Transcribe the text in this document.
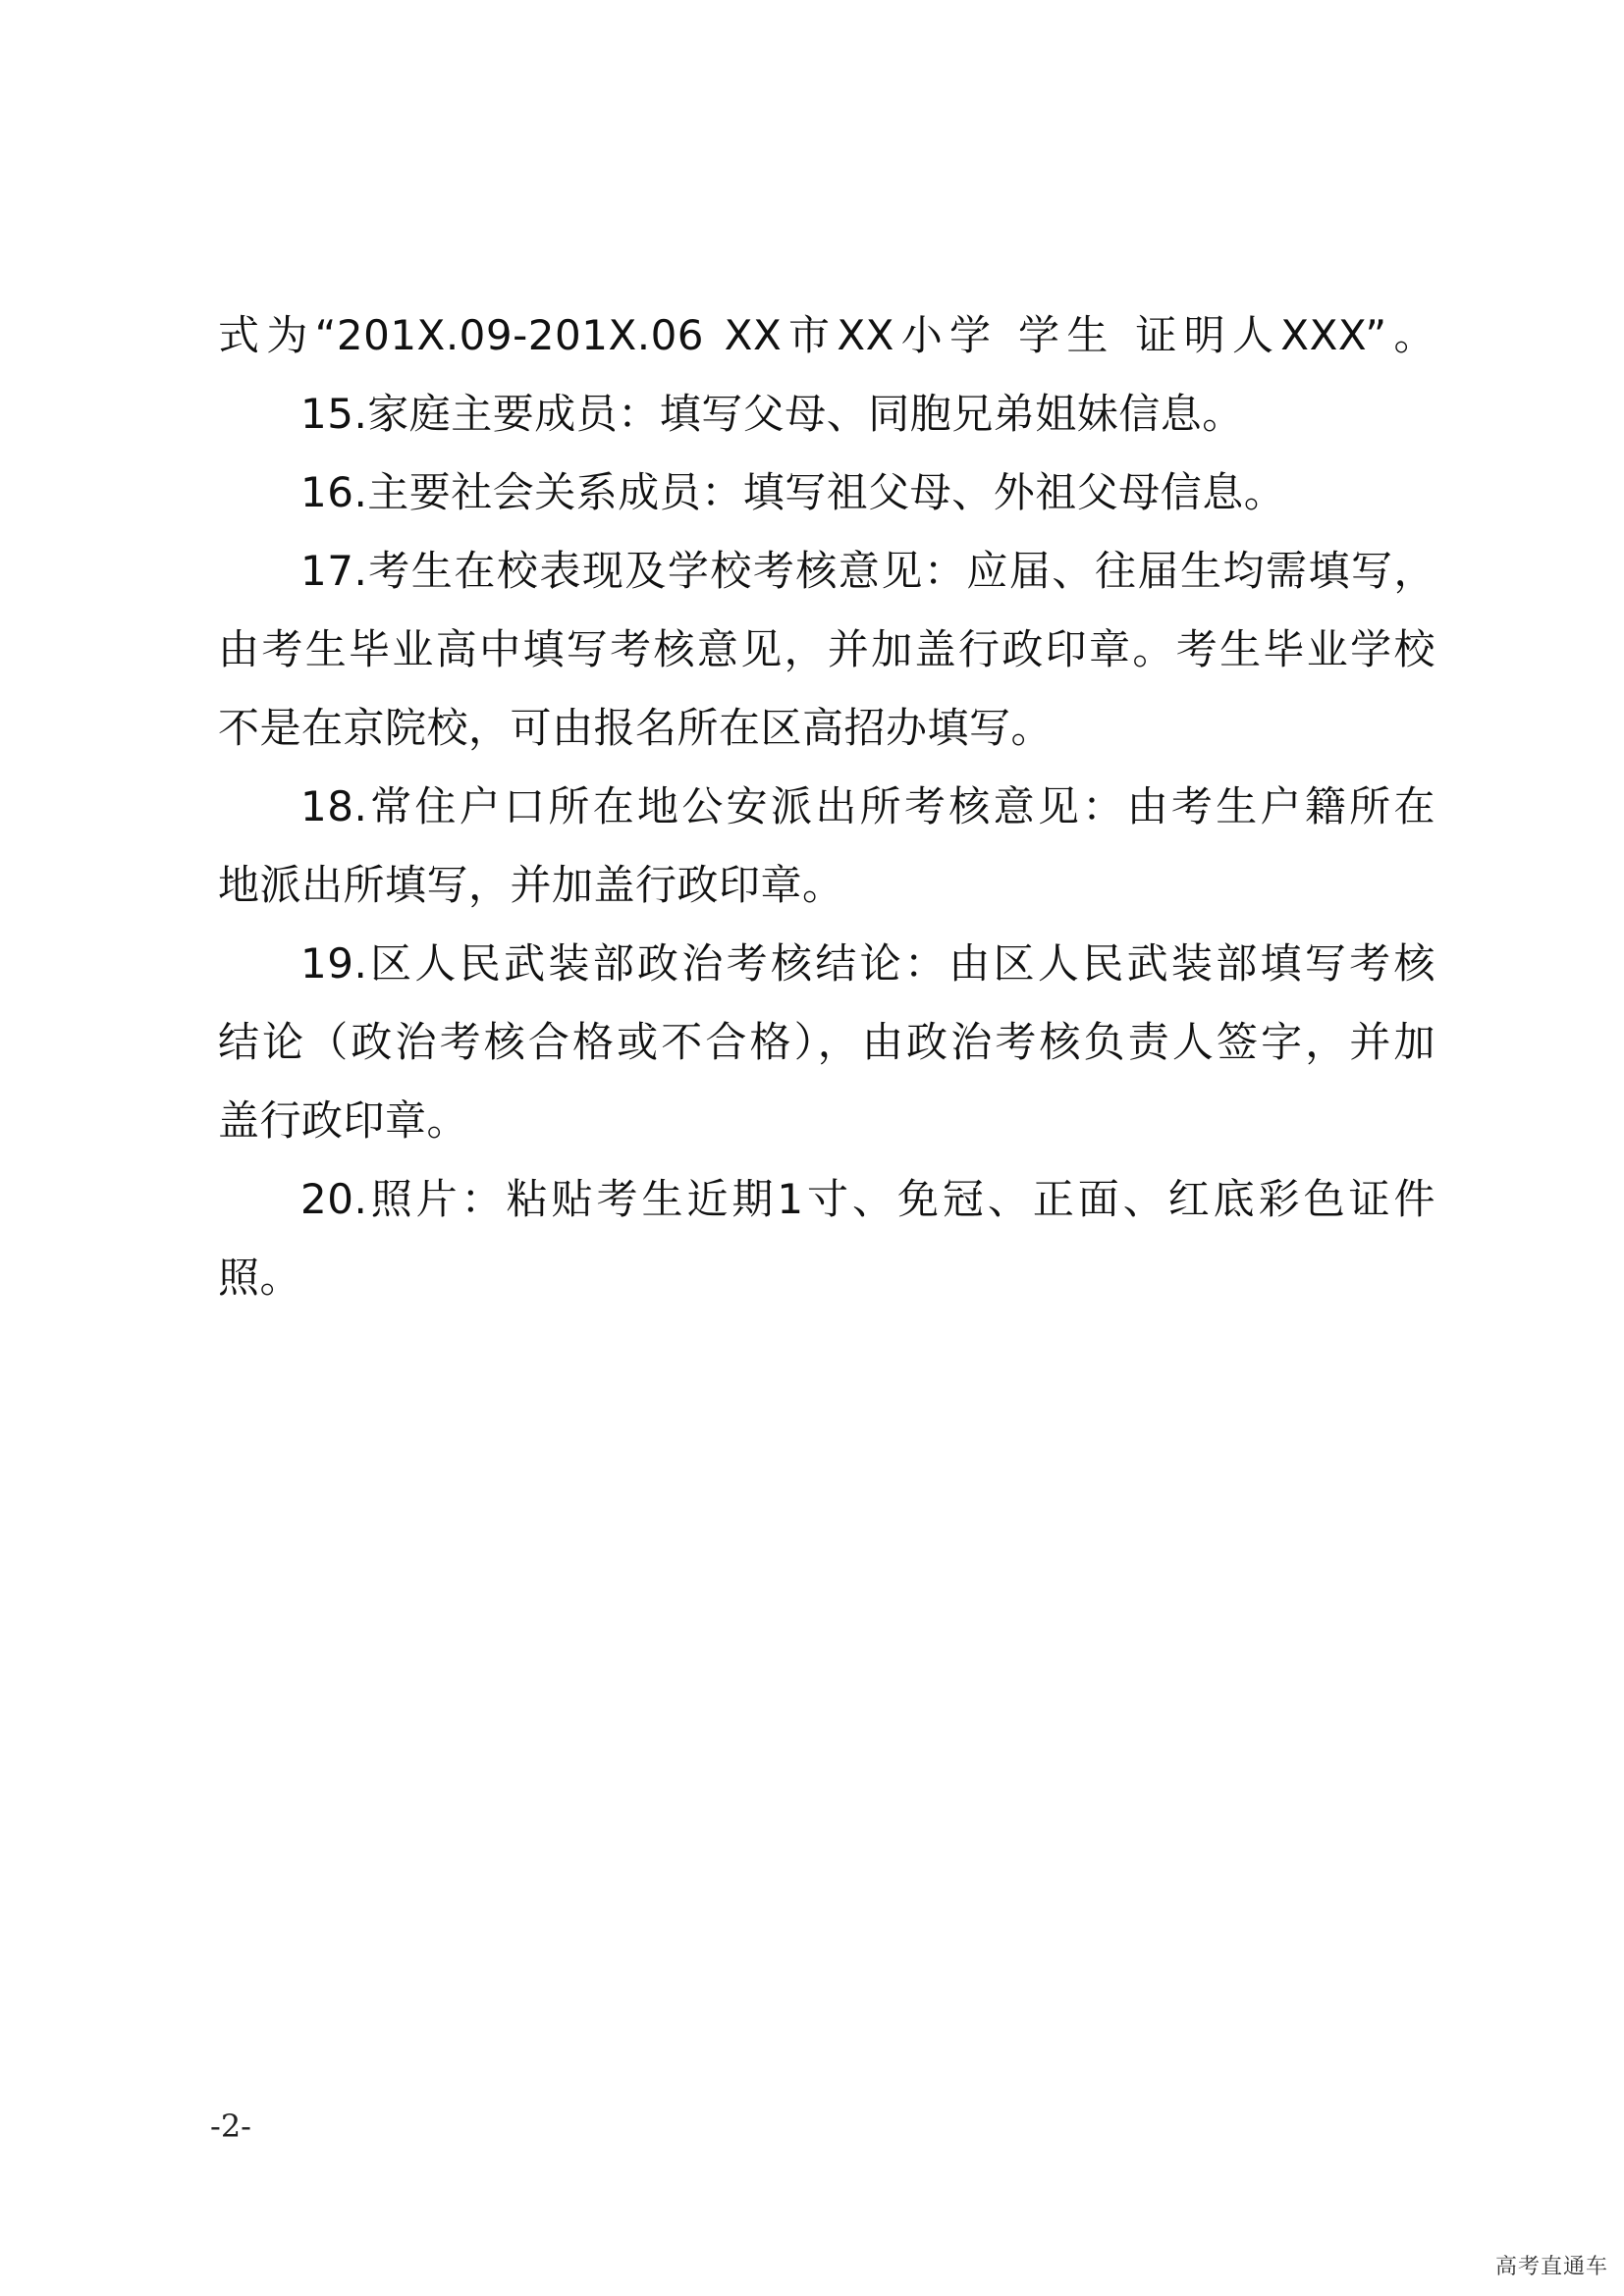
式为“201X.09-201X.06 XX市XX小学 学生 证明人XXX”。
15.家庭主要成员：填写父母、同胞兄弟姐妹信息。
16.主要社会关系成员：填写祖父母、外祖父母信息。
17.考生在校表现及学校考核意见：应届、往届生均需填写，
由考生毕业高中填写考核意见，并加盖行政印章。考生毕业学校
不是在京院校，可由报名所在区高招办填写。
18.常住户口所在地公安派出所考核意见：由考生户籍所在
地派出所填写，并加盖行政印章。
19.区人民武装部政治考核结论：由区人民武装部填写考核
结论（政治考核合格或不合格），由政治考核负责人签字，并加
盖行政印章。
20.照片：粘贴考生近期1寸、免冠、正面、红底彩色证件
照。
-2-
高考直通车
